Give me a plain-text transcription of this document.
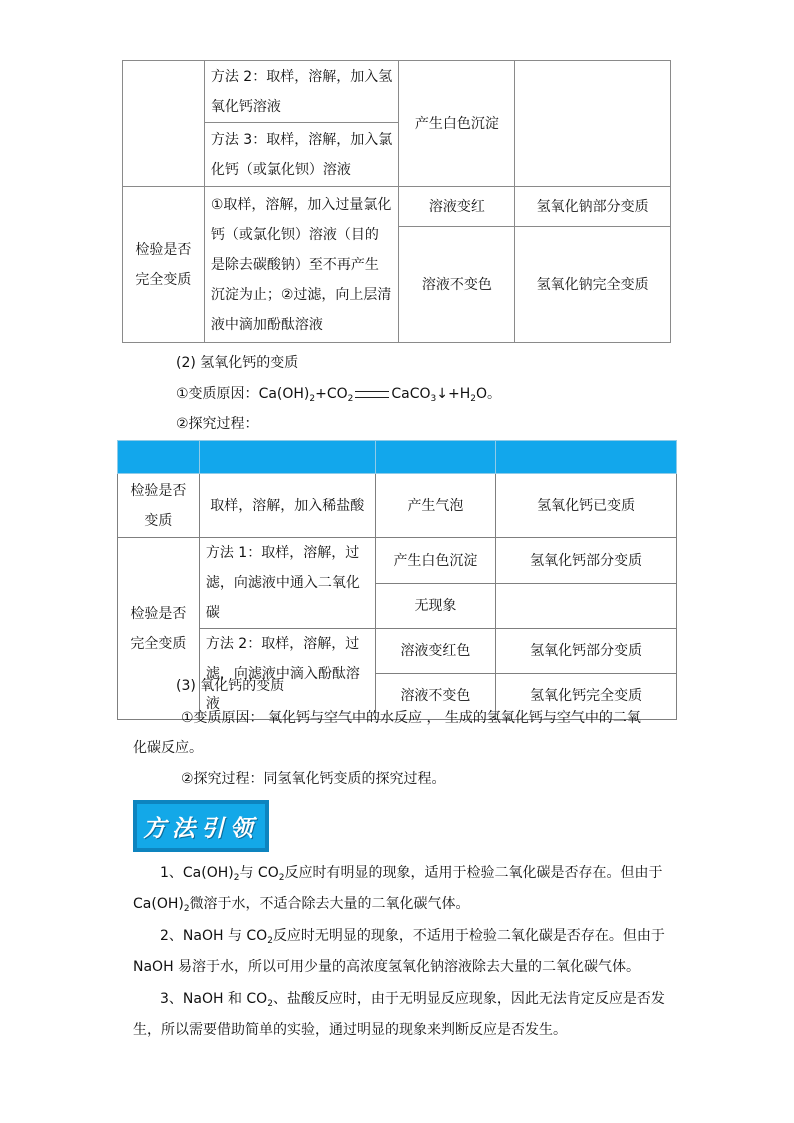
	方法 2：取样，溶解，加入氢氧化钙溶液	产生白色沉淀	
	方法 3：取样，溶解，加入氯化钙（或氯化钡）溶液		
检验是否完全变质	①取样，溶解，加入过量氯化钙（或氯化钡）溶液（目的是除去碳酸钠）至不再产生沉淀为止；②过滤，向上层清液中滴加酚酞溶液	溶液变红	氢氧化钠部分变质
		溶液不变色	氢氧化钠完全变质
(2) 氢氧化钙的变质
①变质原因：$Ca(OH)_2+CO_2$	$CaCO_3↓+H_2O$。
②探究过程：

检验是否变质	取样，溶解，加入稀盐酸	产生气泡	氢氧化钙已变质
检验是否完全变质	方法 1：取样，溶解，过滤，向滤液中通入二氧化碳	产生白色沉淀	氢氧化钙部分变质
		无现象	
	方法 2：取样，溶解，过滤，向滤液中滴入酚酞溶液	溶液变红色	氢氧化钙部分变质
		溶液不变色	氢氧化钙完全变质
(3) 氧化钙的变质
①变质原因： 氧化钙与空气中的水反应 ， 生成的氢氧化钙与空气中的二氧
化碳反应。
②探究过程：同氢氧化钙变质的探究过程。
方法引领
1、$Ca(OH)_2$与 $CO_2$反应时有明显的现象，适用于检验二氧化碳是否存在。但由于
$Ca(OH)_2$微溶于水，不适合除去大量的二氧化碳气体。
2、NaOH 与 $CO_2$反应时无明显的现象，不适用于检验二氧化碳是否存在。但由于
NaOH 易溶于水，所以可用少量的高浓度氢氧化钠溶液除去大量的二氧化碳气体。
3、NaOH 和 $CO_2$、盐酸反应时，由于无明显反应现象，因此无法肯定反应是否发
生，所以需要借助简单的实验，通过明显的现象来判断反应是否发生。
